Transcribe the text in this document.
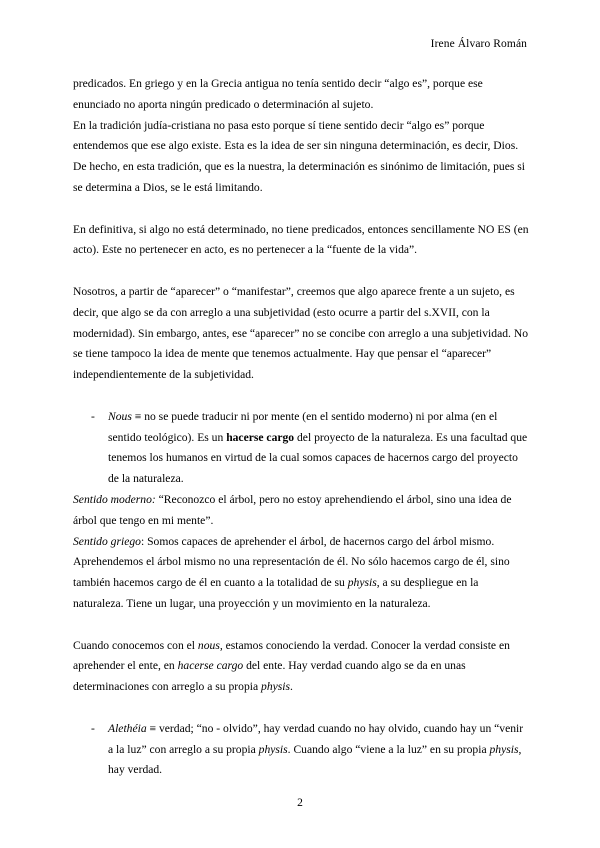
Irene Álvaro Román

predicados. En griego y en la Grecia antigua no tenía sentido decir “algo es”, porque ese enunciado no aporta ningún predicado o determinación al sujeto.

En la tradición judía-cristiana no pasa esto porque sí tiene sentido decir “algo es” porque entendemos que ese algo existe. Esta es la idea de ser sin ninguna determinación, es decir, Dios. De hecho, en esta tradición, que es la nuestra, la determinación es sinónimo de limitación, pues si se determina a Dios, se le está limitando.

En definitiva, si algo no está determinado, no tiene predicados, entonces sencillamente NO ES (en acto). Este no pertenecer en acto, es no pertenecer a la “fuente de la vida”.

Nosotros, a partir de “aparecer” o “manifestar”, creemos que algo aparece frente a un sujeto, es decir, que algo se da con arreglo a una subjetividad (esto ocurre a partir del s.XVII, con la modernidad). Sin embargo, antes, ese “aparecer” no se concibe con arreglo a una subjetividad. No se tiene tampoco la idea de mente que tenemos actualmente. Hay que pensar el “aparecer” independientemente de la subjetividad.

-	Nous ≡ no se puede traducir ni por mente (en el sentido moderno) ni por alma (en el sentido teológico). Es un hacerse cargo del proyecto de la naturaleza. Es una facultad que tenemos los humanos en virtud de la cual somos capaces de hacernos cargo del proyecto de la naturaleza.

Sentido moderno: “Reconozco el árbol, pero no estoy aprehendiendo el árbol, sino una idea de árbol que tengo en mi mente”.

Sentido griego: Somos capaces de aprehender el árbol, de hacernos cargo del árbol mismo. Aprehendemos el árbol mismo no una representación de él. No sólo hacemos cargo de él, sino también hacemos cargo de él en cuanto a la totalidad de su physis, a su despliegue en la naturaleza. Tiene un lugar, una proyección y un movimiento en la naturaleza.

Cuando conocemos con el nous, estamos conociendo la verdad. Conocer la verdad consiste en aprehender el ente, en hacerse cargo del ente. Hay verdad cuando algo se da en unas determinaciones con arreglo a su propia physis.

-	Alethéia ≡ verdad; “no - olvido”, hay verdad cuando no hay olvido, cuando hay un “venir a la luz” con arreglo a su propia physis. Cuando algo “viene a la luz” en su propia physis, hay verdad.
2
